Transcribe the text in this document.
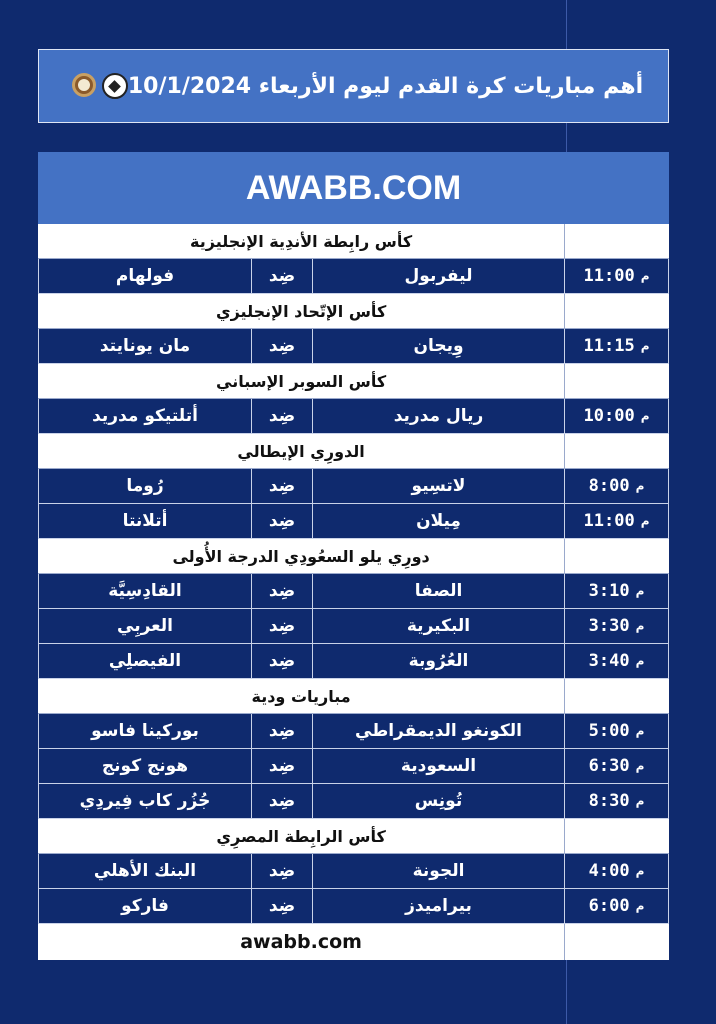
أهم مباريات كرة القدم ليوم الأربعاء 10/1/2024
AWABB.COM
كأس رابِطة الأندِية الإنجليزية
فولهام	ضِد	ليفربول	11:00 م
كأس الإتّحاد الإنجليزي
مان يونايتد	ضِد	وِيجان	11:15 م
كأس السوبر الإسباني
أتلتيكو مدريد	ضِد	ريال مدريد	10:00 م
الدورِي الإيطالي
رُوما	ضِد	لاتسِيو	8:00 م
أتلانتا	ضِد	مِيلان	11:00 م
دورِي يلو السعُودِي الدرجة الأُولى
القادِسِيَّة	ضِد	الصفا	3:10 م
العربِي	ضِد	البكيرية	3:30 م
الفيصلِي	ضِد	العُرُوبة	3:40 م
مباريات ودية
بوركينا فاسو	ضِد	الكونغو الديمقراطي	5:00 م
هونج كونج	ضِد	السعودية	6:30 م
جُزُر كاب فِيردِي	ضِد	تُونِس	8:30 م
كأس الرابِطة المصرِي
البنك الأهلي	ضِد	الجونة	4:00 م
فاركو	ضِد	بيراميدز	6:00 م
awabb.com
